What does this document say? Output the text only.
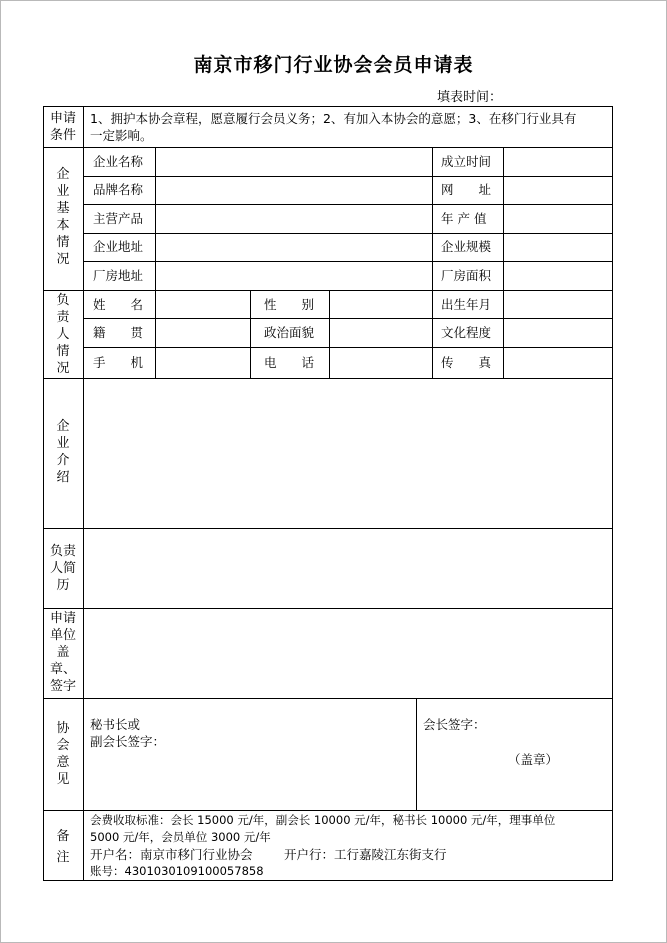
南京市移门行业协会会员申请表
填表时间：
申请
条件
1、拥护本协会章程，愿意履行会员义务；2、有加入本协会的意愿；3、在移门行业具有
一定影响。
企
业
基
本
情
况
企业名称	成立时间
品牌名称	网　　址
主营产品	年 产 值
企业地址	企业规模
厂房地址	厂房面积
负
责
人
情
况
姓　　名	性　　别	出生年月
籍　　贯	政治面貌	文化程度
手　　机	电　　话	传　　真
企
业
介
绍
负责
人简
历
申请
单位
盖
章、
签字
协
会
意
见
秘书长或
副会长签字：
会长签字：
（盖章）
备
注
会费收取标准：会长 15000 元/年，副会长 10000 元/年，秘书长 10000 元/年，理事单位
5000 元/年，会员单位 3000 元/年
开户名：南京市移门行业协会	开户行：工行嘉陵江东街支行
账号：4301030109100057858
